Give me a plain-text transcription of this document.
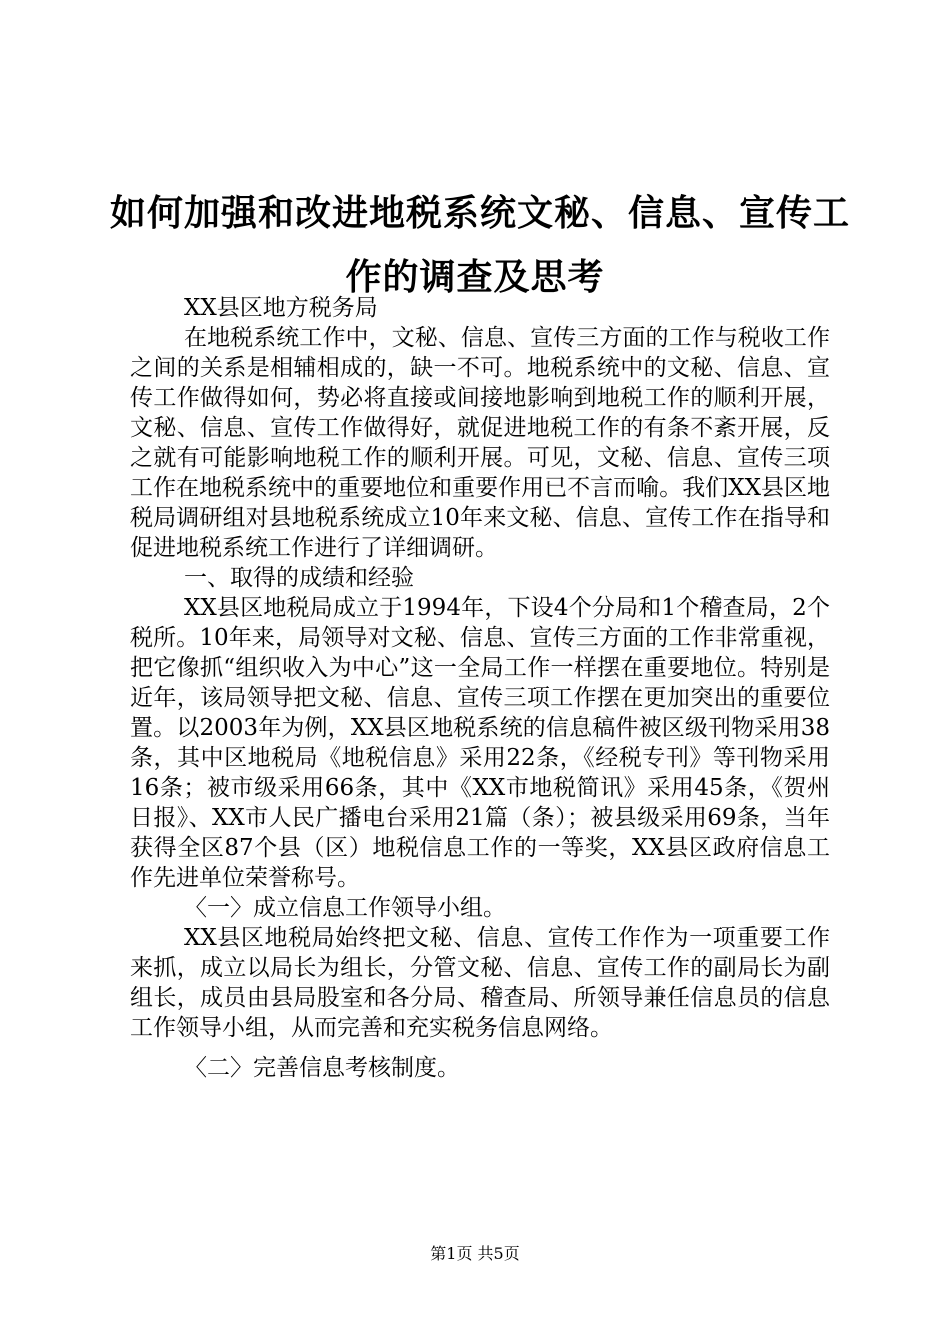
如何加强和改进地税系统文秘、信息、宣传工
作的调查及思考

XX县区地方税务局

在地税系统工作中，文秘、信息、宣传三方面的工作与税收工作之间的关系是相辅相成的，缺一不可。地税系统中的文秘、信息、宣传工作做得如何，势必将直接或间接地影响到地税工作的顺利开展，文秘、信息、宣传工作做得好，就促进地税工作的有条不紊开展，反之就有可能影响地税工作的顺利开展。可见，文秘、信息、宣传三项工作在地税系统中的重要地位和重要作用已不言而喻。我们XX县区地税局调研组对县地税系统成立10年来文秘、信息、宣传工作在指导和促进地税系统工作进行了详细调研。

一、取得的成绩和经验

XX县区地税局成立于1994年，下设4个分局和1个稽查局，2个税所。10年来，局领导对文秘、信息、宣传三方面的工作非常重视，把它像抓“组织收入为中心”这一全局工作一样摆在重要地位。特别是近年，该局领导把文秘、信息、宣传三项工作摆在更加突出的重要位置。以2003年为例，XX县区地税系统的信息稿件被区级刊物采用38条，其中区地税局《地税信息》采用22条，《经税专刊》等刊物采用16条；被市级采用66条，其中《XX市地税简讯》采用45条，《贺州日报》、XX市人民广播电台采用21篇（条）；被县级采用69条，当年获得全区87个县（区）地税信息工作的一等奖，XX县区政府信息工作先进单位荣誉称号。

〈一〉成立信息工作领导小组。

XX县区地税局始终把文秘、信息、宣传工作作为一项重要工作来抓，成立以局长为组长，分管文秘、信息、宣传工作的副局长为副组长，成员由县局股室和各分局、稽查局、所领导兼任信息员的信息工作领导小组，从而完善和充实税务信息网络。

〈二〉完善信息考核制度。

第1页 共5页
